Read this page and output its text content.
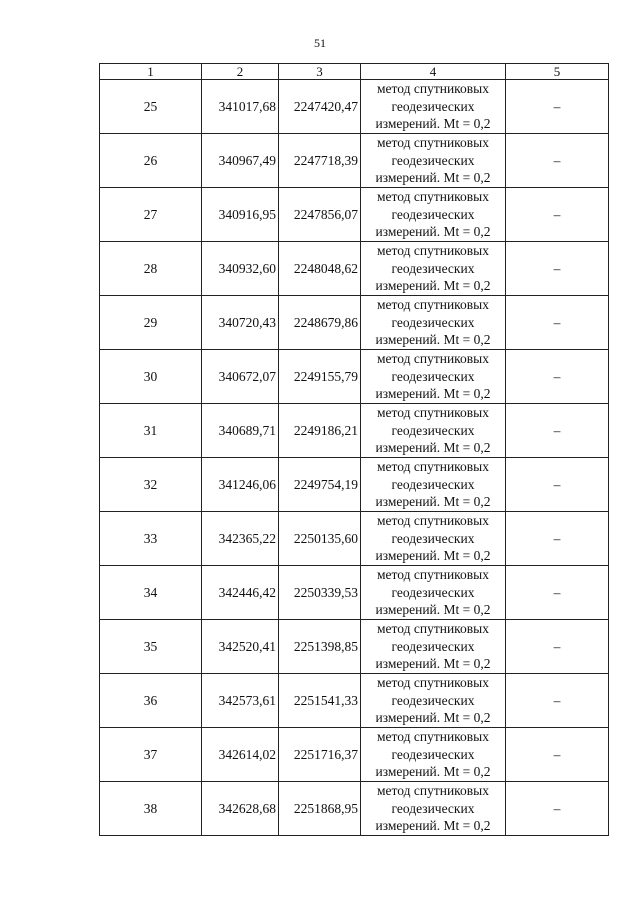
51
1	2	3	4	5
25	341017,68	2247420,47	метод спутниковых
геодезических
измерений. Mt = 0,2	–
26	340967,49	2247718,39	метод спутниковых
геодезических
измерений. Mt = 0,2	–
27	340916,95	2247856,07	метод спутниковых
геодезических
измерений. Mt = 0,2	–
28	340932,60	2248048,62	метод спутниковых
геодезических
измерений. Mt = 0,2	–
29	340720,43	2248679,86	метод спутниковых
геодезических
измерений. Mt = 0,2	–
30	340672,07	2249155,79	метод спутниковых
геодезических
измерений. Mt = 0,2	–
31	340689,71	2249186,21	метод спутниковых
геодезических
измерений. Mt = 0,2	–
32	341246,06	2249754,19	метод спутниковых
геодезических
измерений. Mt = 0,2	–
33	342365,22	2250135,60	метод спутниковых
геодезических
измерений. Mt = 0,2	–
34	342446,42	2250339,53	метод спутниковых
геодезических
измерений. Mt = 0,2	–
35	342520,41	2251398,85	метод спутниковых
геодезических
измерений. Mt = 0,2	–
36	342573,61	2251541,33	метод спутниковых
геодезических
измерений. Mt = 0,2	–
37	342614,02	2251716,37	метод спутниковых
геодезических
измерений. Mt = 0,2	–
38	342628,68	2251868,95	метод спутниковых
геодезических
измерений. Mt = 0,2	–
